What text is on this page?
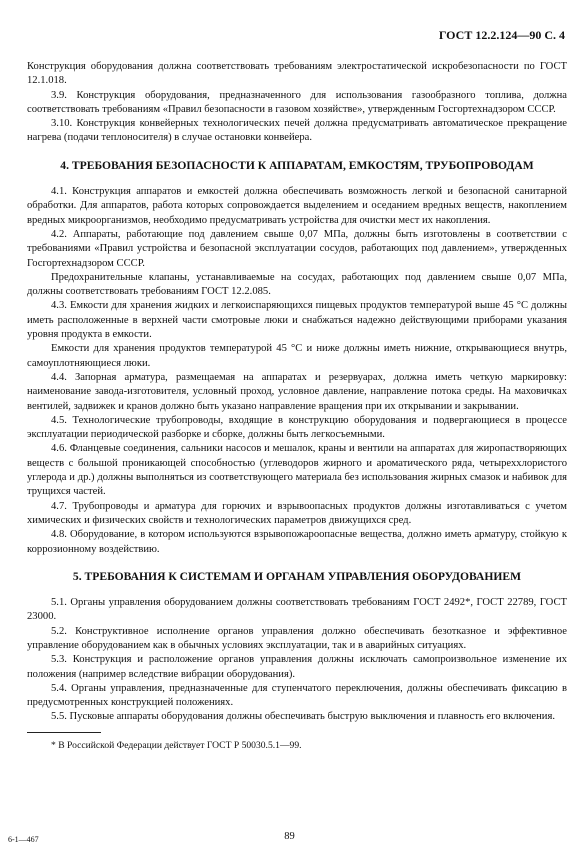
ГОСТ 12.2.124—90 С. 4

Конструкция оборудования должна соответствовать требованиям электростатической искробезопасности по ГОСТ 12.1.018.

3.9. Конструкция оборудования, предназначенного для использования газообразного топлива, должна соответствовать требованиям «Правил безопасности в газовом хозяйстве», утвержденным Госгортехнадзором СССР.

3.10. Конструкция конвейерных технологических печей должна предусматривать автоматическое прекращение нагрева (подачи теплоносителя) в случае остановки конвейера.

4. ТРЕБОВАНИЯ БЕЗОПАСНОСТИ К АППАРАТАМ, ЕМКОСТЯМ, ТРУБОПРОВОДАМ

4.1. Конструкция аппаратов и емкостей должна обеспечивать возможность легкой и безопасной санитарной обработки. Для аппаратов, работа которых сопровождается выделением и оседанием вредных веществ, накоплением вредных микроорганизмов, необходимо предусматривать устройства для очистки мест их накопления.

4.2. Аппараты, работающие под давлением свыше 0,07 МПа, должны быть изготовлены в соответствии с требованиями «Правил устройства и безопасной эксплуатации сосудов, работающих под давлением», утвержденных Госгортехнадзором СССР.

Предохранительные клапаны, устанавливаемые на сосудах, работающих под давлением свыше 0,07 МПа, должны соответствовать требованиям ГОСТ 12.2.085.

4.3. Емкости для хранения жидких и легкоиспаряющихся пищевых продуктов температурой выше 45 °С должны иметь расположенные в верхней части смотровые люки и снабжаться надежно действующими приборами указания уровня продукта в емкости.

Емкости для хранения продуктов температурой 45 °С и ниже должны иметь нижние, открывающиеся внутрь, самоуплотняющиеся люки.

4.4. Запорная арматура, размещаемая на аппаратах и резервуарах, должна иметь четкую маркировку: наименование завода-изготовителя, условный проход, условное давление, направление потока среды. На маховичках вентилей, задвижек и кранов должно быть указано направление вращения при их открывании и закрывании.

4.5. Технологические трубопроводы, входящие в конструкцию оборудования и подвергающиеся в процессе эксплуатации периодической разборке и сборке, должны быть легкосъемными.

4.6. Фланцевые соединения, сальники насосов и мешалок, краны и вентили на аппаратах для жиропастворяющих веществ с большой проникающей способностью (углеводоров жирного и ароматического ряда, четыреххлористого углерода и др.) должны выполняться из соответствующего материала без использования жирных смазок и набивок для трущихся частей.

4.7. Трубопроводы и арматура для горючих и взрывоопасных продуктов должны изготавливаться с учетом химических и физических свойств и технологических параметров движущихся сред.

4.8. Оборудование, в котором используются взрывопожароопасные вещества, должно иметь арматуру, стойкую к коррозионному воздействию.

5. ТРЕБОВАНИЯ К СИСТЕМАМ И ОРГАНАМ УПРАВЛЕНИЯ ОБОРУДОВАНИЕМ

5.1. Органы управления оборудованием должны соответствовать требованиям ГОСТ 2492*, ГОСТ 22789, ГОСТ 23000.

5.2. Конструктивное исполнение органов управления должно обеспечивать безотказное и эффективное управление оборудованием как в обычных условиях эксплуатации, так и в аварийных ситуациях.

5.3. Конструкция и расположение органов управления должны исключать самопроизвольное изменение их положения (например вследствие вибрации оборудования).

5.4. Органы управления, предназначенные для ступенчатого переключения, должны обеспечивать фиксацию в предусмотренных конструкцией положениях.

5.5. Пусковые аппараты оборудования должны обеспечивать быструю выключения и плавность его включения.

* В Российской Федерации действует ГОСТ Р 50030.5.1—99.

6-1—467	89
